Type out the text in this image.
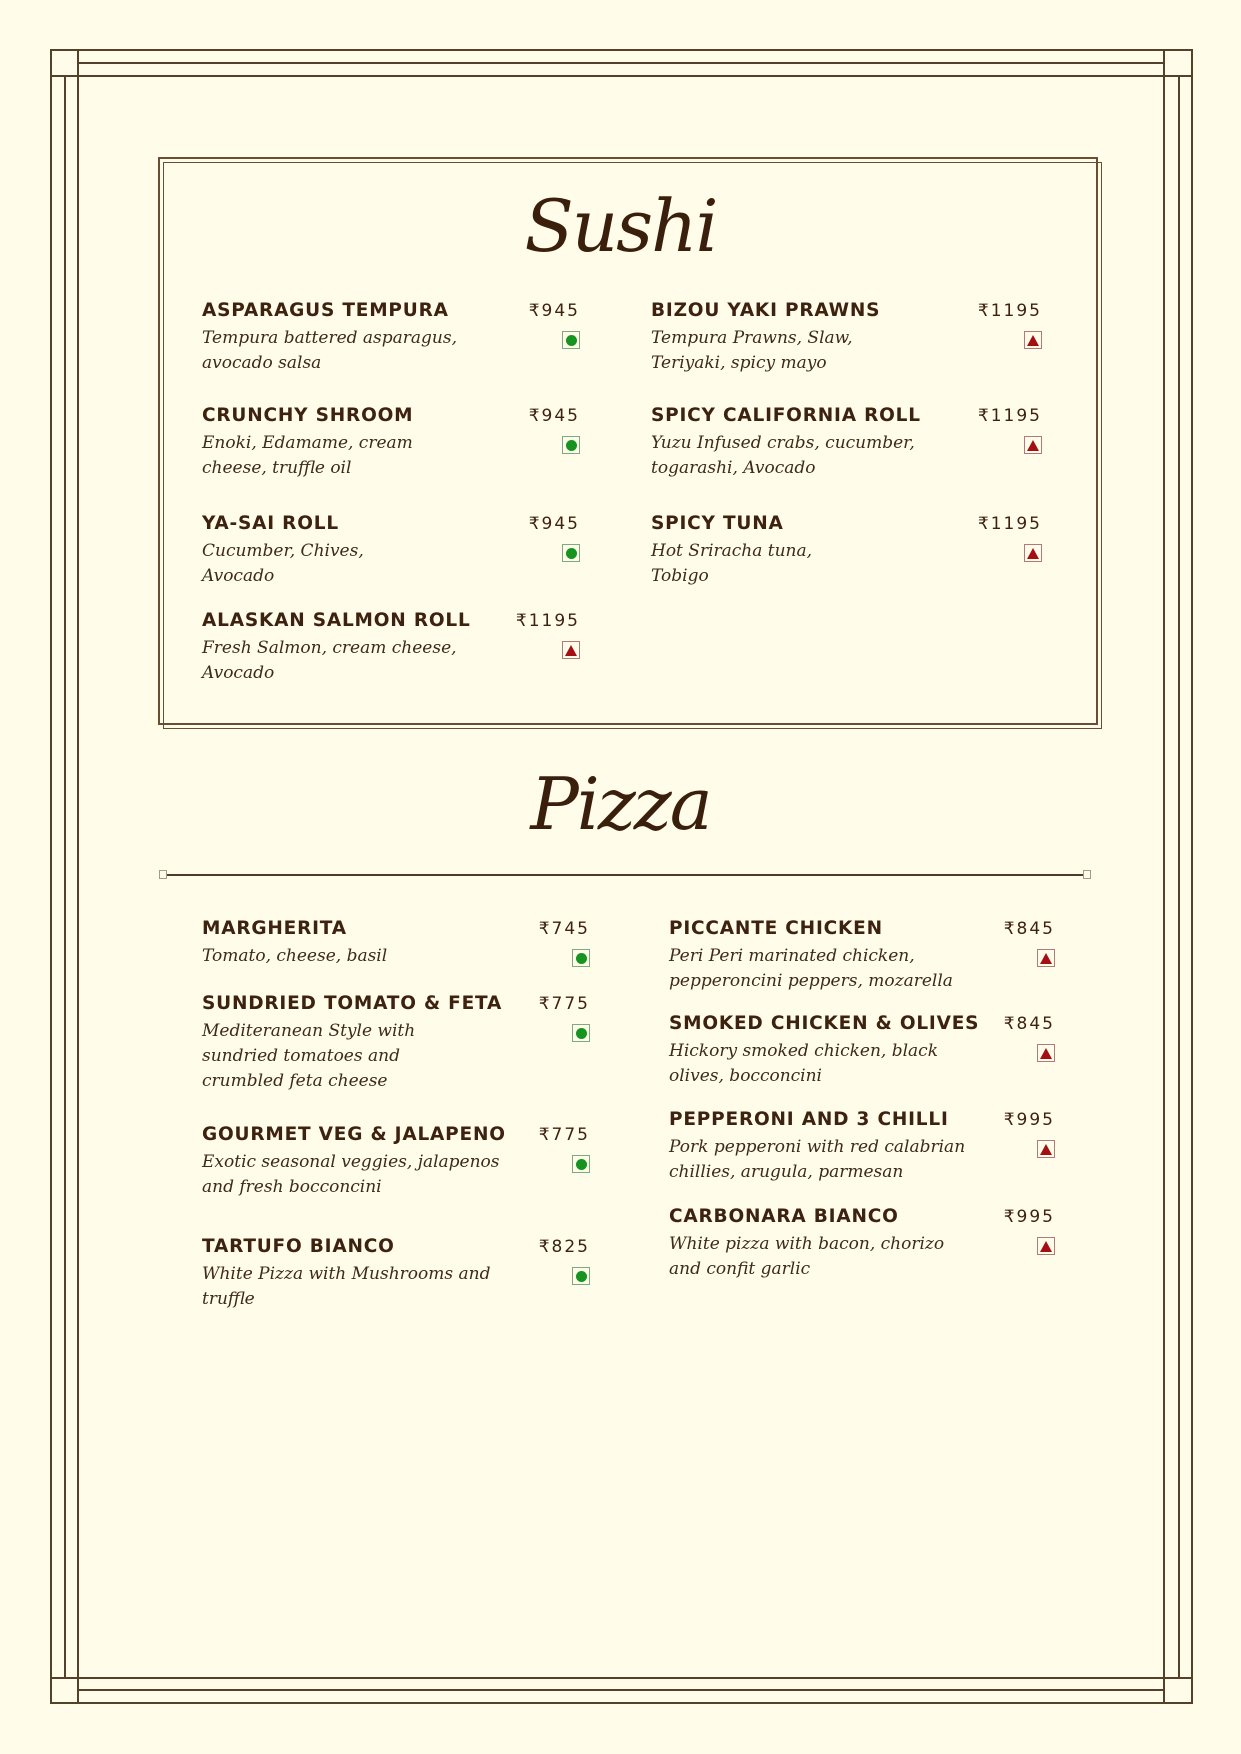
Sushi
ASPARAGUS TEMPURA	₹945
Tempura battered asparagus,
avocado salsa
CRUNCHY SHROOM	₹945
Enoki, Edamame, cream
cheese, truffle oil
YA-SAI ROLL	₹945
Cucumber, Chives,
Avocado
ALASKAN SALMON ROLL	₹1195
Fresh Salmon, cream cheese,
Avocado
BIZOU YAKI PRAWNS	₹1195
Tempura Prawns, Slaw,
Teriyaki, spicy mayo
SPICY CALIFORNIA ROLL	₹1195
Yuzu Infused crabs, cucumber,
togarashi, Avocado
SPICY TUNA	₹1195
Hot Sriracha tuna,
Tobigo
Pizza
MARGHERITA	₹745
Tomato, cheese, basil
SUNDRIED TOMATO & FETA ₹775
Mediteranean Style with
sundried tomatoes and
crumbled feta cheese
GOURMET VEG & JALAPENO ₹775
Exotic seasonal veggies, jalapenos
and fresh bocconcini
TARTUFO BIANCO	₹825
White Pizza with Mushrooms and
truffle
PICCANTE CHICKEN	₹845
Peri Peri marinated chicken,
pepperoncini peppers, mozarella
SMOKED CHICKEN & OLIVES ₹845
Hickory smoked chicken, black
olives, bocconcini
PEPPERONI AND 3 CHILLI	₹995
Pork pepperoni with red calabrian
chillies, arugula, parmesan
CARBONARA BIANCO	₹995
White pizza with bacon, chorizo
and confit garlic
